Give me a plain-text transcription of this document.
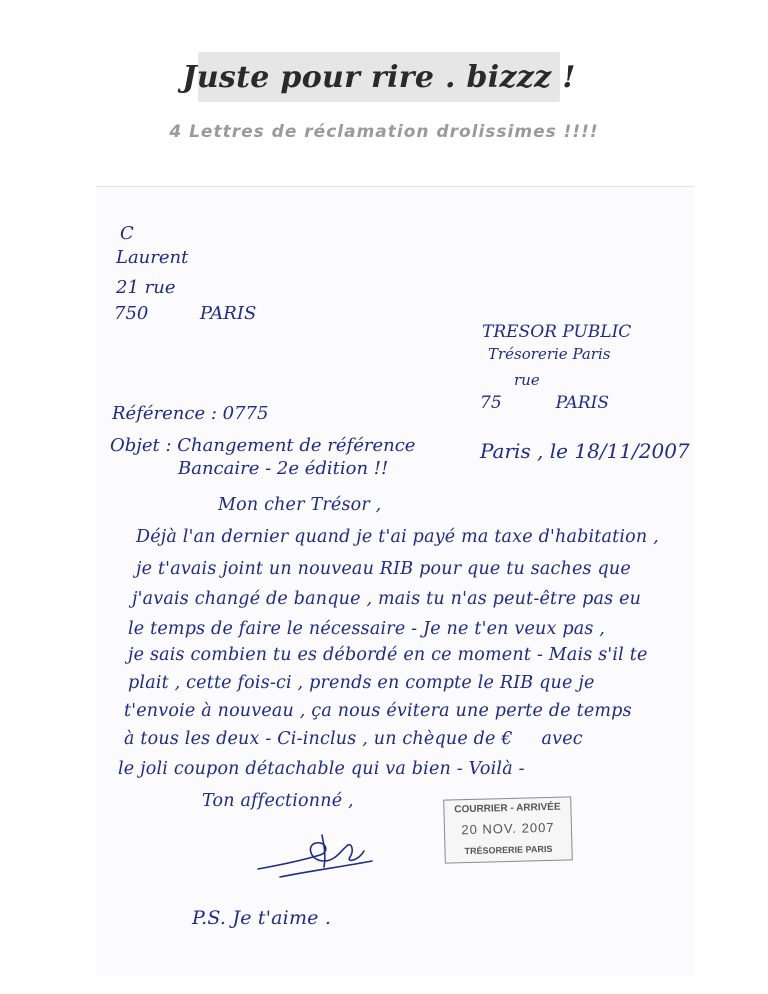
Juste pour rire . bizzz !
4 Lettres de réclamation drolissimes !!!!
C
Laurent
21 rue
750         PARIS
TRESOR PUBLIC
Trésorerie Paris
rue
75          PARIS
Référence : 0775
Objet : Changement de référence
Bancaire - 2e édition !!
Paris , le 18/11/2007
Mon cher Trésor ,
Déjà l'an dernier quand je t'ai payé ma taxe d'habitation ,
je t'avais joint un nouveau RIB pour que tu saches que
j'avais changé de banque , mais tu n'as peut-être pas eu
le temps de faire le nécessaire - Je ne t'en veux pas ,
je sais combien tu es débordé en ce moment - Mais s'il te
plait , cette fois-ci , prends en compte le RIB que je
t'envoie à nouveau , ça nous évitera une perte de temps
à tous les deux - Ci-inclus , un chèque de €     avec
le joli coupon détachable qui va bien - Voilà -
Ton affectionné ,
P.S. Je t'aime .
COURRIER - ARRIVÉE
20 NOV. 2007
TRÉSORERIE PARIS
